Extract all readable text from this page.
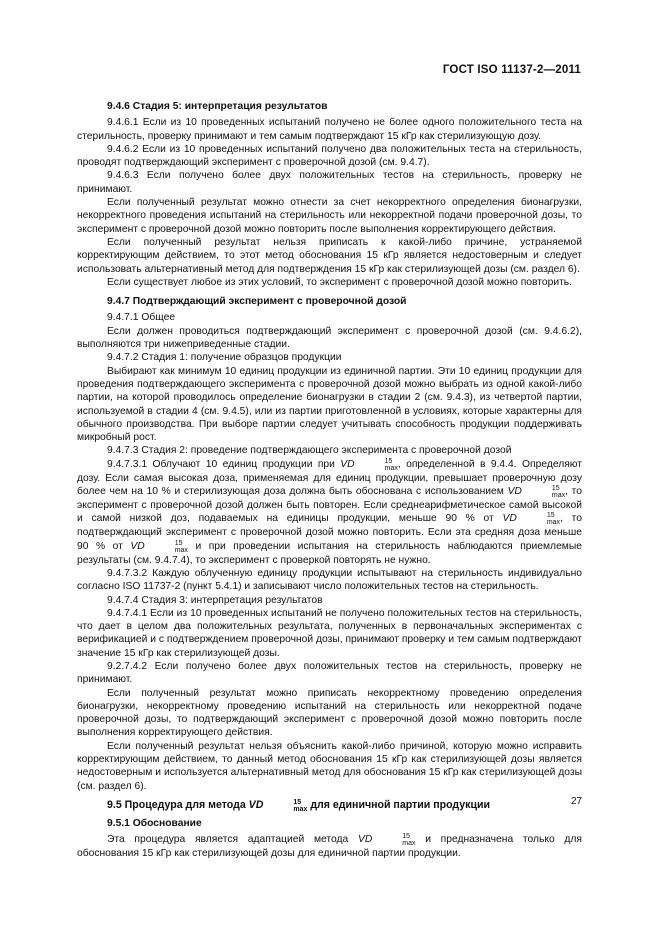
ГОСТ ISO 11137-2—2011
9.4.6 Стадия 5: интерпретация результатов

9.4.6.1 Если из 10 проведенных испытаний получено не более одного положительного теста на стерильность, проверку принимают и тем самым подтверждают 15 кГр как стерилизующую дозу.

9.4.6.2 Если из 10 проведенных испытаний получено два положительных теста на стерильность, проводят подтверждающий эксперимент с проверочной дозой (см. 9.4.7).

9.4.6.3 Если получено более двух положительных тестов на стерильность, проверку не принимают.

Если полученный результат можно отнести за счет некорректного определения бионагрузки, некорректного проведения испытаний на стерильность или некорректной подачи проверочной дозы, то эксперимент с проверочной дозой можно повторить после выполнения корректирующего действия.

Если полученный результат нельзя приписать к какой-либо причине, устраняемой корректирующим действием, то этот метод обоснования 15 кГр является недостоверным и следует использовать альтернативный метод для подтверждения 15 кГр как стерилизующей дозы (см. раздел 6).

Если существует любое из этих условий, то эксперимент с проверочной дозой можно повторить.

9.4.7 Подтверждающий эксперимент с проверочной дозой

9.4.7.1 Общее

Если должен проводиться подтверждающий эксперимент с проверочной дозой (см. 9.4.6.2), выполняются три нижеприведенные стадии.

9.4.7.2 Стадия 1: получение образцов продукции

Выбирают как минимум 10 единиц продукции из единичной партии. Эти 10 единиц продукции для проведения подтверждающего эксперимента с проверочной дозой можно выбрать из одной какой-либо партии, на которой проводилось определение бионагрузки в стадии 2 (см. 9.4.3), из четвертой партии, используемой в стадии 4 (см. 9.4.5), или из партии приготовленной в условиях, которые характерны для обычного производства. При выборе партии следует учитывать способность продукции поддерживать микробный рост.

9.4.7.3 Стадия 2: проведение подтверждающего эксперимента с проверочной дозой

9.4.7.3.1 Облучают 10 единиц продукции при VD	15
max , определенной в 9.4.4. Определяют дозу. Если самая высокая доза, применяемая для единиц продукции, превышает проверочную дозу более чем на 10 % и стерилизующая доза должна быть обоснована с использованием VD	15
max , то эксперимент с проверочной дозой должен быть повторен. Если среднеарифметическое самой высокой и самой низкой доз, подаваемых на единицы продукции, меньше 90 % от VD	15
max , то подтверждающий эксперимент с проверочной дозой можно повторить. Если эта средняя доза меньше 90 % от VD	15
max и при проведении испытания на стерильность наблюдаются приемлемые результаты (см. 9.4.7.4), то эксперимент с проверкой повторять не нужно.

9.4.7.3.2 Каждую облученную единицу продукции испытывают на стерильность индивидуально согласно ISO 11737-2 (пункт 5.4.1) и записывают число положительных тестов на стерильность.

9.4.7.4 Стадия 3: интерпретация результатов

9.4.7.4.1 Если из 10 проведенных испытаний не получено положительных тестов на стерильность, что дает в целом два положительных результата, полученных в первоначальных экспериментах с верификацией и с подтверждением проверочной дозы, принимают проверку и тем самым подтверждают значение 15 кГр как стерилизующей дозы.

9.2.7.4.2 Если получено более двух положительных тестов на стерильность, проверку не принимают.

Если полученный результат можно приписать некорректному проведению определения бионагрузки, некорректному проведению испытаний на стерильность или некорректной подаче проверочной дозы, то подтверждающий эксперимент с проверочной дозой можно повторить после выполнения корректирующего действия.

Если полученный результат нельзя объяснить какой-либо причиной, которую можно исправить корректирующим действием, то данный метод обоснования 15 кГр как стерилизующей дозы является недостоверным и используется альтернативный метод для обоснования 15 кГр как стерилизующей дозы (см. раздел 6).

9.5 Процедура для метода VD	15
max для единичной партии продукции
9.5.1 Обоснование

Эта процедура является адаптацией метода VD	15
max и предназначена только для обоснования 15 кГр как стерилизующей дозы для единичной партии продукции.

27
